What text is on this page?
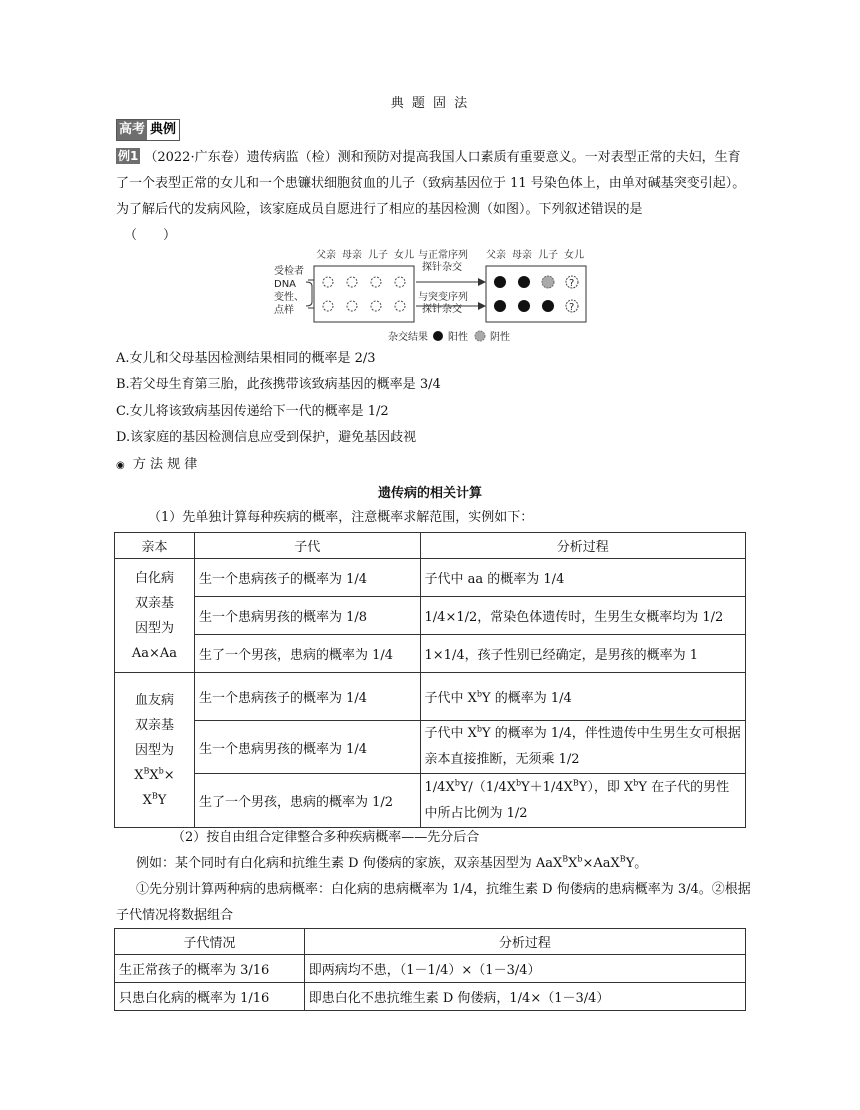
典 题 固 法
高考 典例
例1 （2022·广东卷）遗传病监（检）测和预防对提高我国人口素质有重要意义。一对表型正常的夫妇，生育了一个表型正常的女儿和一个患镰状细胞贫血的儿子（致病基因位于 11 号染色体上，由单对碱基突变引起）。为了解后代的发病风险，该家庭成员自愿进行了相应的基因检测（如图）。下列叙述错误的是
（　　）
受检者
DNA
变性、
点样
父亲 母亲 儿子 女儿 与正常序列
探针杂交
与突变序列
探针杂交
父亲 母亲 儿子 女儿
?
?
杂交结果 阳性 阴性
A.女儿和父母基因检测结果相同的概率是 2/3
B.若父母生育第三胎，此孩携带该致病基因的概率是 3/4
C.女儿将该致病基因传递给下一代的概率是 1/2
D.该家庭的基因检测信息应受到保护，避免基因歧视
◉ 方 法 规 律
遗传病的相关计算
（1）先单独计算每种疾病的概率，注意概率求解范围，实例如下：
亲本	子代	分析过程

白化病
双亲基
因型为
Aa×Aa	生一个患病孩子的概率为 1/4	子代中 aa 的概率为 1/4
	生一个患病男孩的概率为 1/8	1/4×1/2，常染色体遗传时，生男生女概率均为 1/2
	生了一个男孩，患病的概率为 1/4	1×1/4，孩子性别已经确定，是男孩的概率为 1

血友病
双亲基
因型为
$X^BX^b\times$
$X^BY$	生一个患病孩子的概率为 1/4	子代中 $X^bY$ 的概率为 1/4
	生一个患病男孩的概率为 1/4	子代中 $X^bY$ 的概率为 1/4，伴性遗传中生男生女可根据亲本直接推断，无须乘 1/2
	生了一个男孩，患病的概率为 1/2	$1/4X^bY/(1/4X^bY+1/4X^BY)$，即 $X^bY$ 在子代的男性中所占比例为 1/2
（2）按自由组合定律整合多种疾病概率——先分后合
例如：某个同时有白化病和抗维生素 D 佝偻病的家族，双亲基因型为 $AaX^BX^b\times AaX^BY$。
①先分别计算两种病的患病概率：白化病的患病概率为 1/4，抗维生素 D 佝偻病的患病概率为 3/4。②根据子代情况将数据组合
子代情况	分析过程
生正常孩子的概率为 3/16	即两病均不患，（1－1/4）×（1－3/4）
只患白化病的概率为 1/16	即患白化不患抗维生素 D 佝偻病，1/4×（1－3/4）
